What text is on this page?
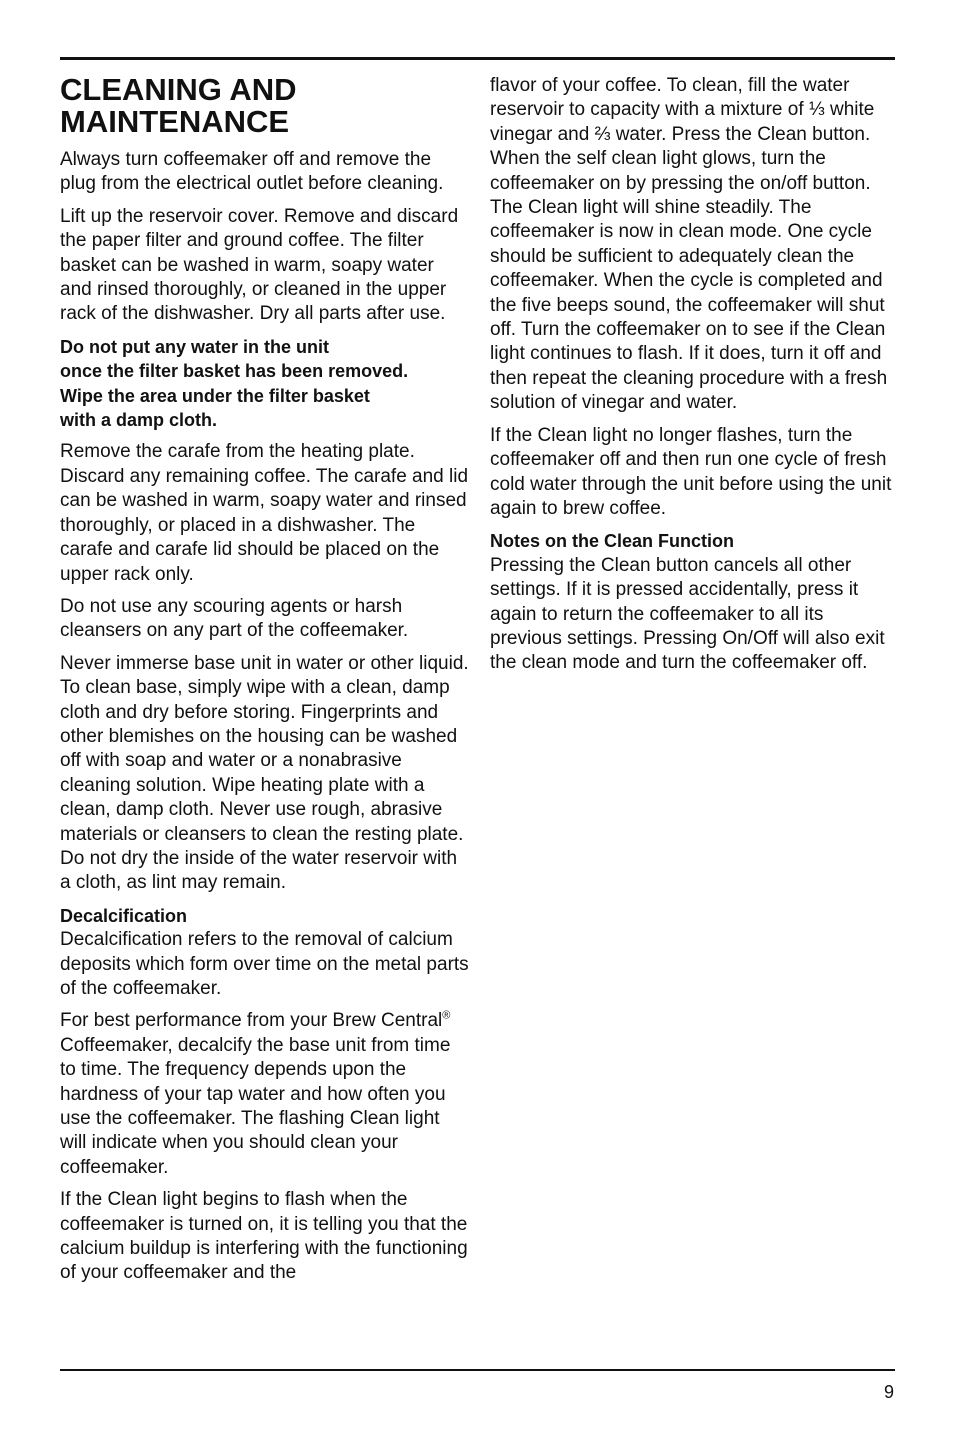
CLEANING AND MAINTENANCE

Always turn coffeemaker off and remove the plug from the electrical outlet before cleaning.

Lift up the reservoir cover. Remove and discard the paper filter and ground coffee. The filter basket can be washed in warm, soapy water and rinsed thoroughly, or cleaned in the upper rack of the dishwasher. Dry all parts after use.

Do not put any water in the unit
once the filter basket has been removed.
Wipe the area under the filter basket
with a damp cloth.

Remove the carafe from the heating plate. Discard any remaining coffee. The carafe and lid can be washed in warm, soapy water and rinsed thoroughly, or placed in a dishwasher. The carafe and carafe lid should be placed on the upper rack only.

Do not use any scouring agents or harsh cleansers on any part of the coffeemaker.

Never immerse base unit in water or other liquid. To clean base, simply wipe with a clean, damp cloth and dry before storing. Fingerprints and other blemishes on the housing can be washed off with soap and water or a nonabrasive cleaning solution. Wipe heating plate with a clean, damp cloth. Never use rough, abrasive materials or cleansers to clean the resting plate. Do not dry the inside of the water reservoir with a cloth, as lint may remain.

Decalcification
Decalcification refers to the removal of calcium deposits which form over time on the metal parts of the coffeemaker.

For best performance from your Brew Central® Coffeemaker, decalcify the base unit from time to time. The frequency depends upon the hardness of your tap water and how often you use the coffeemaker. The flashing Clean light will indicate when you should clean your coffeemaker.

If the Clean light begins to flash when the coffeemaker is turned on, it is telling you that the calcium buildup is interfering with the functioning of your coffeemaker and the

flavor of your coffee. To clean, fill the water reservoir to capacity with a mixture of ⅓ white vinegar and ⅔ water. Press the Clean button. When the self clean light glows, turn the coffeemaker on by pressing the on/off button. The Clean light will shine steadily. The coffeemaker is now in clean mode. One cycle should be sufficient to adequately clean the coffeemaker. When the cycle is completed and the five beeps sound, the coffeemaker will shut off. Turn the coffeemaker on to see if the Clean light continues to flash. If it does, turn it off and then repeat the cleaning procedure with a fresh solution of vinegar and water.

If the Clean light no longer flashes, turn the coffeemaker off and then run one cycle of fresh cold water through the unit before using the unit again to brew coffee.

Notes on the Clean Function
Pressing the Clean button cancels all other settings. If it is pressed accidentally, press it again to return the coffeemaker to all its previous settings. Pressing On/Off will also exit the clean mode and turn the coffeemaker off.

9
